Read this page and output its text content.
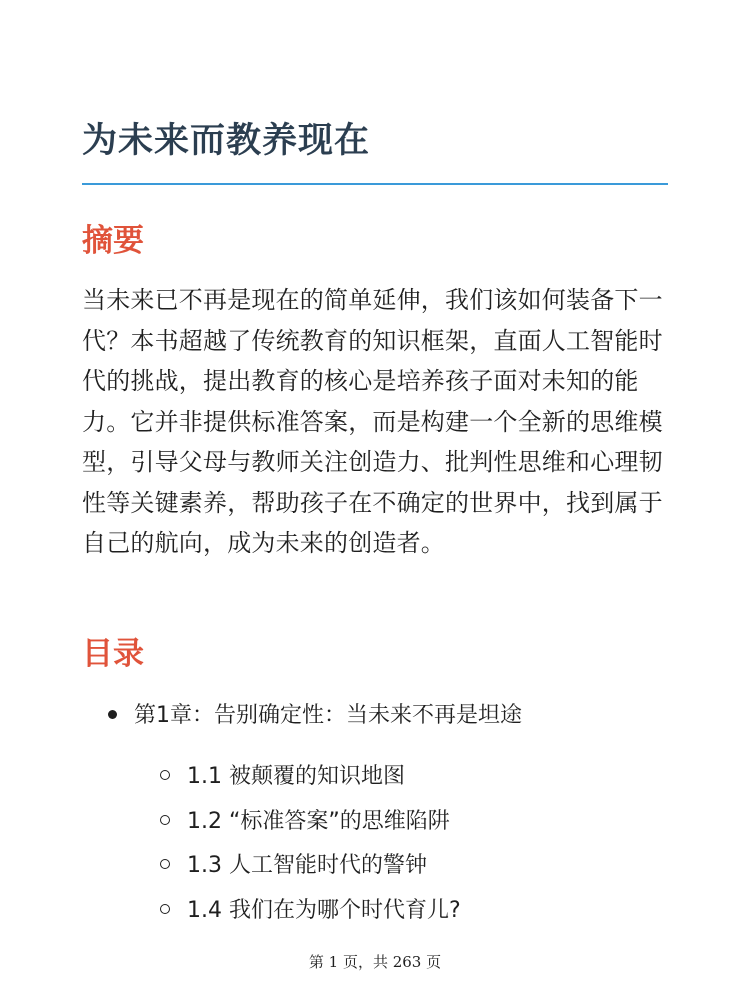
为未来而教养现在
摘要

当未来已不再是现在的简单延伸，我们该如何装备下一代？本书超越了传统教育的知识框架，直面人工智能时代的挑战，提出教育的核心是培养孩子面对未知的能力。它并非提供标准答案，而是构建一个全新的思维模型，引导父母与教师关注创造力、批判性思维和心理韧性等关键素养，帮助孩子在不确定的世界中，找到属于自己的航向，成为未来的创造者。

目录
第1章：告别确定性：当未来不再是坦途
1.1 被颠覆的知识地图
1.2 “标准答案”的思维陷阱
1.3 人工智能时代的警钟
1.4 我们在为哪个时代育儿?
第 1 页，共 263 页
